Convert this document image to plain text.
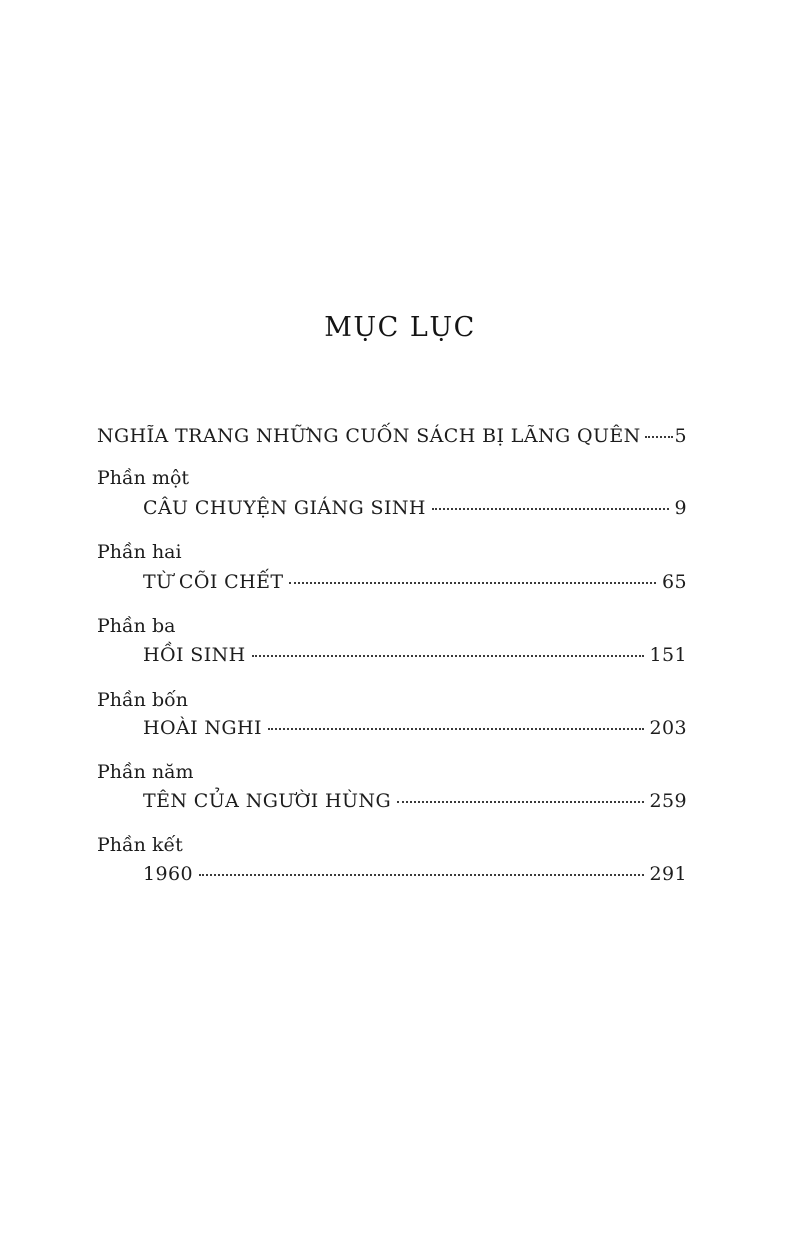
MỤC LỤC
NGHĨA TRANG NHỮNG CUỐN SÁCH BỊ LÃNG QUÊN 5
Phần một
CÂU CHUYỆN GIÁNG SINH	9
Phần hai
TỪ CÕI CHẾT	65
Phần ba
HỒI SINH	151
Phần bốn
HOÀI NGHI	203
Phần năm
TÊN CỦA NGƯỜI HÙNG	259
Phần kết
1960	291
